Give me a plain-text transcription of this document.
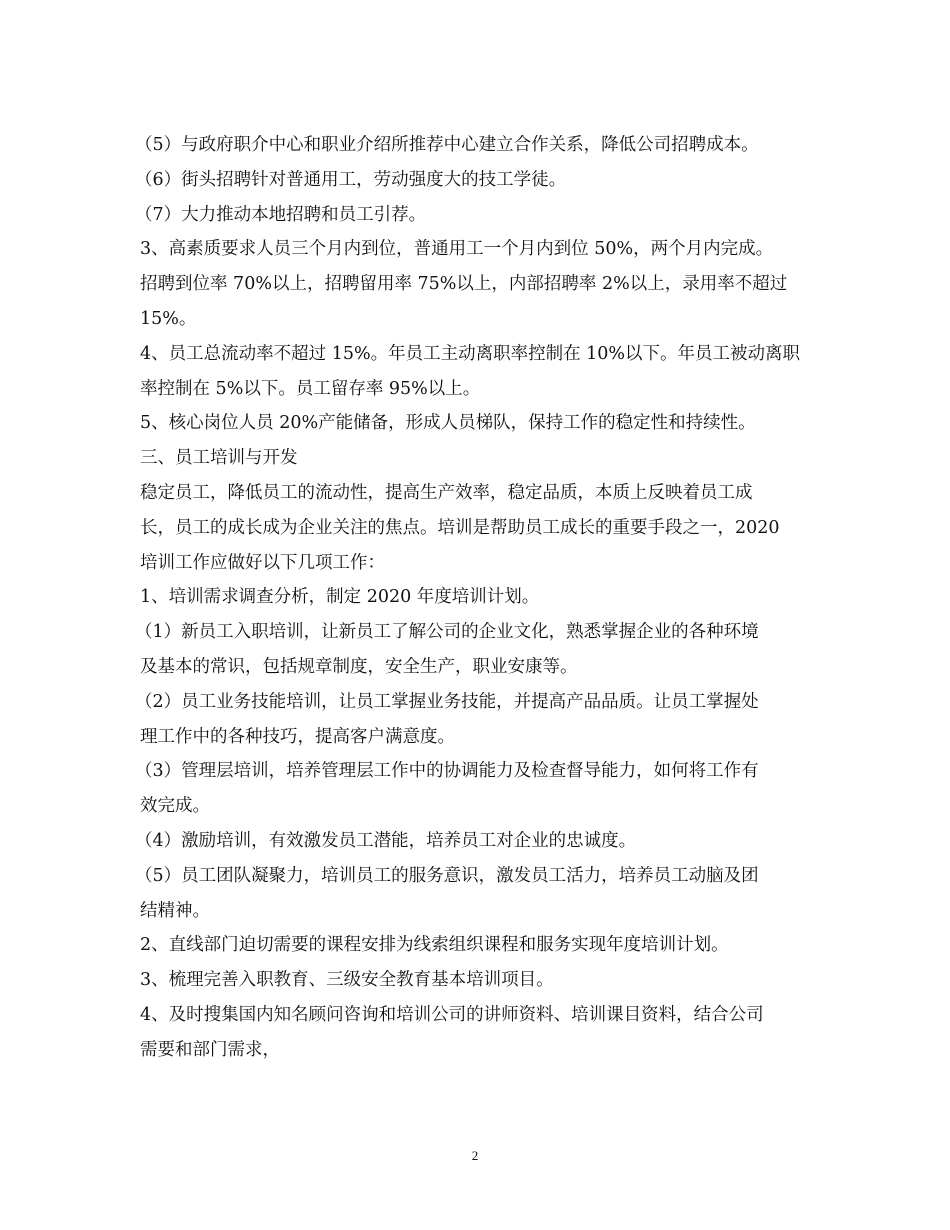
（5）与政府职介中心和职业介绍所推荐中心建立合作关系，降低公司招聘成本。

（6）街头招聘针对普通用工，劳动强度大的技工学徒。

（7）大力推动本地招聘和员工引荐。

3、高素质要求人员三个月内到位，普通用工一个月内到位 50%，两个月内完成。

招聘到位率 70%以上，招聘留用率 75%以上，内部招聘率 2%以上，录用率不超过

15%。

4、员工总流动率不超过 15%。年员工主动离职率控制在 10%以下。年员工被动离职

率控制在 5%以下。员工留存率 95%以上。

5、核心岗位人员 20%产能储备，形成人员梯队，保持工作的稳定性和持续性。

三、员工培训与开发

稳定员工，降低员工的流动性，提高生产效率，稳定品质，本质上反映着员工成

长，员工的成长成为企业关注的焦点。培训是帮助员工成长的重要手段之一，2020

培训工作应做好以下几项工作：

1、培训需求调查分析，制定 2020 年度培训计划。

（1）新员工入职培训，让新员工了解公司的企业文化，熟悉掌握企业的各种环境

及基本的常识，包括规章制度，安全生产，职业安康等。

（2）员工业务技能培训，让员工掌握业务技能，并提高产品品质。让员工掌握处

理工作中的各种技巧，提高客户满意度。

（3）管理层培训，培养管理层工作中的协调能力及检查督导能力，如何将工作有

效完成。

（4）激励培训，有效激发员工潜能，培养员工对企业的忠诚度。

（5）员工团队凝聚力，培训员工的服务意识，激发员工活力，培养员工动脑及团

结精神。

2、直线部门迫切需要的课程安排为线索组织课程和服务实现年度培训计划。

3、梳理完善入职教育、三级安全教育基本培训项目。

4、及时搜集国内知名顾问咨询和培训公司的讲师资料、培训课目资料，结合公司

需要和部门需求，

2
